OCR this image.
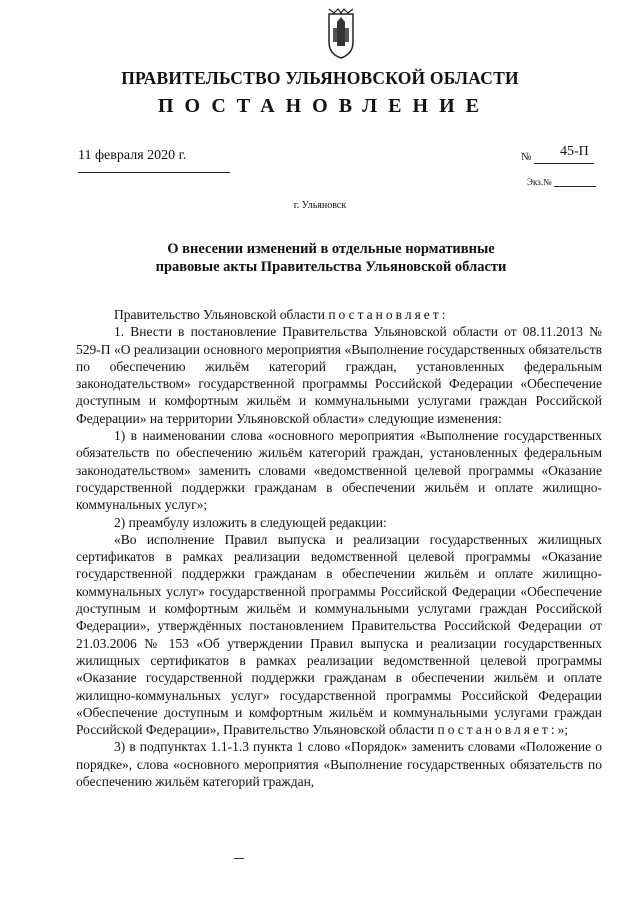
ПРАВИТЕЛЬСТВО УЛЬЯНОВСКОЙ ОБЛАСТИ
ПОСТАНОВЛЕНИЕ
11 февраля 2020 г.	№ 45-П
Экз.№
г. Ульяновск
О внесении изменений в отдельные нормативные
правовые акты Правительства Ульяновской области

Правительство Ульяновской области постановляет:

1. Внести в постановление Правительства Ульяновской области от 08.11.2013 № 529-П «О реализации основного мероприятия «Выполнение государственных обязательств по обеспечению жильём категорий граждан, установленных федеральным законодательством» государственной программы Российской Федерации «Обеспечение доступным и комфортным жильём и коммунальными услугами граждан Российской Федерации» на территории Ульяновской области» следующие изменения:

1) в наименовании слова «основного мероприятия «Выполнение государственных обязательств по обеспечению жильём категорий граждан, установленных федеральным законодательством» заменить словами «ведомственной целевой программы «Оказание государственной поддержки гражданам в обеспечении жильём и оплате жилищно-коммунальных услуг»;

2) преамбулу изложить в следующей редакции:

«Во исполнение Правил выпуска и реализации государственных жилищных сертификатов в рамках реализации ведомственной целевой программы «Оказание государственной поддержки гражданам в обеспечении жильём и оплате жилищно-коммунальных услуг» государственной программы Российской Федерации «Обеспечение доступным и комфортным жильём и коммунальными услугами граждан Российской Федерации», утверждённых постановлением Правительства Российской Федерации от 21.03.2006 № 153 «Об утверждении Правил выпуска и реализации государственных жилищных сертификатов в рамках реализации ведомственной целевой программы «Оказание государственной поддержки гражданам в обеспечении жильём и оплате жилищно-коммунальных услуг» государственной программы Российской Федерации «Обеспечение доступным и комфортным жильём и коммунальными услугами граждан Российской Федерации», Правительство Ульяновской области постановляет:»;

3) в подпунктах 1.1-1.3 пункта 1 слово «Порядок» заменить словами «Положение о порядке», слова «основного мероприятия «Выполнение государственных обязательств по обеспечению жильём категорий граждан,
